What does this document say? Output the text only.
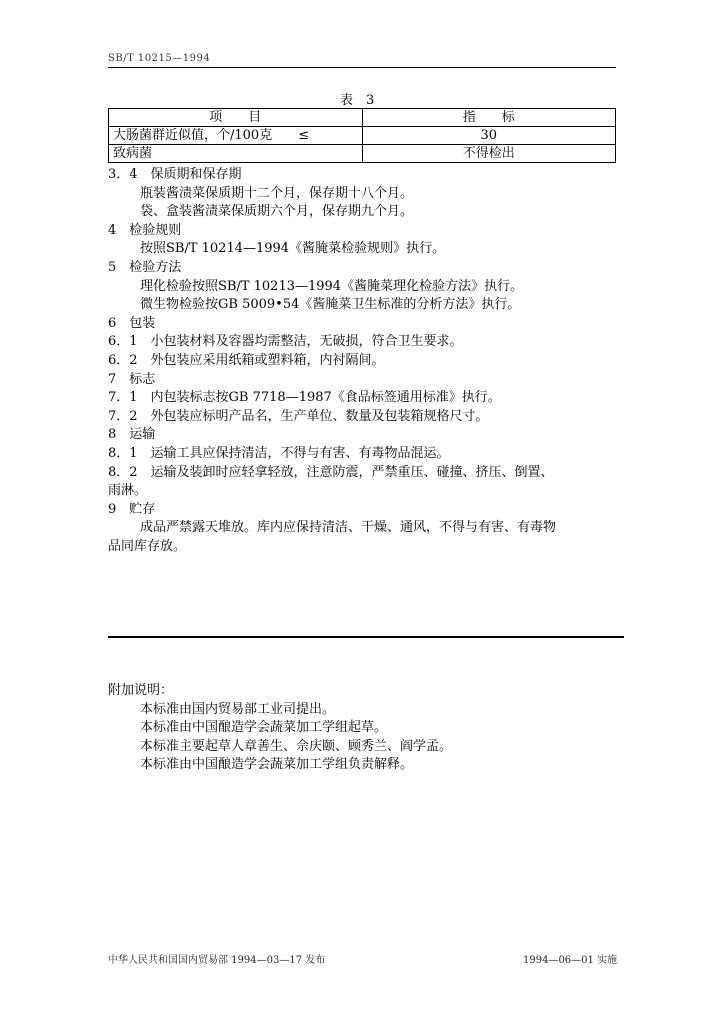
SB/T 10215—1994
表　3
项　　目	指　　标
大肠菌群近似值，个/100克　　≤	30
致病菌	不得检出

3．4　保质期和保存期

瓶装酱渍菜保质期十二个月，保存期十八个月。

袋、盒装酱渍菜保质期六个月，保存期九个月。

4　检验规则

按照SB/T 10214—1994《酱腌菜检验规则》执行。

5　检验方法

理化检验按照SB/T 10213—1994《酱腌菜理化检验方法》执行。

微生物检验按GB 5009•54《酱腌菜卫生标准的分析方法》执行。

6　包装

6．1　小包装材料及容器均需整洁，无破损，符合卫生要求。

6．2　外包装应采用纸箱或塑料箱，内衬隔间。

7　标志

7．1　内包装标志按GB 7718—1987《食品标签通用标准》执行。

7．2　外包装应标明产品名，生产单位、数量及包装箱规格尺寸。

8　运输

8．1　运输工具应保持清洁，不得与有害、有毒物品混运。

8．2　运输及装卸时应轻拿轻放，注意防震，严禁重压、碰撞、挤压、倒置、

雨淋。

9　贮存

成品严禁露天堆放。库内应保持清洁、干燥、通风，不得与有害、有毒物

品同库存放。

附加说明：

本标准由国内贸易部工业司提出。

本标准由中国酿造学会蔬菜加工学组起草。

本标准主要起草人章善生、佘庆颐、顾秀兰、阎学孟。

本标准由中国酿造学会蔬菜加工学组负责解释。

中华人民共和国国内贸易部 1994—03—17 发布	1994—06—01 实施
